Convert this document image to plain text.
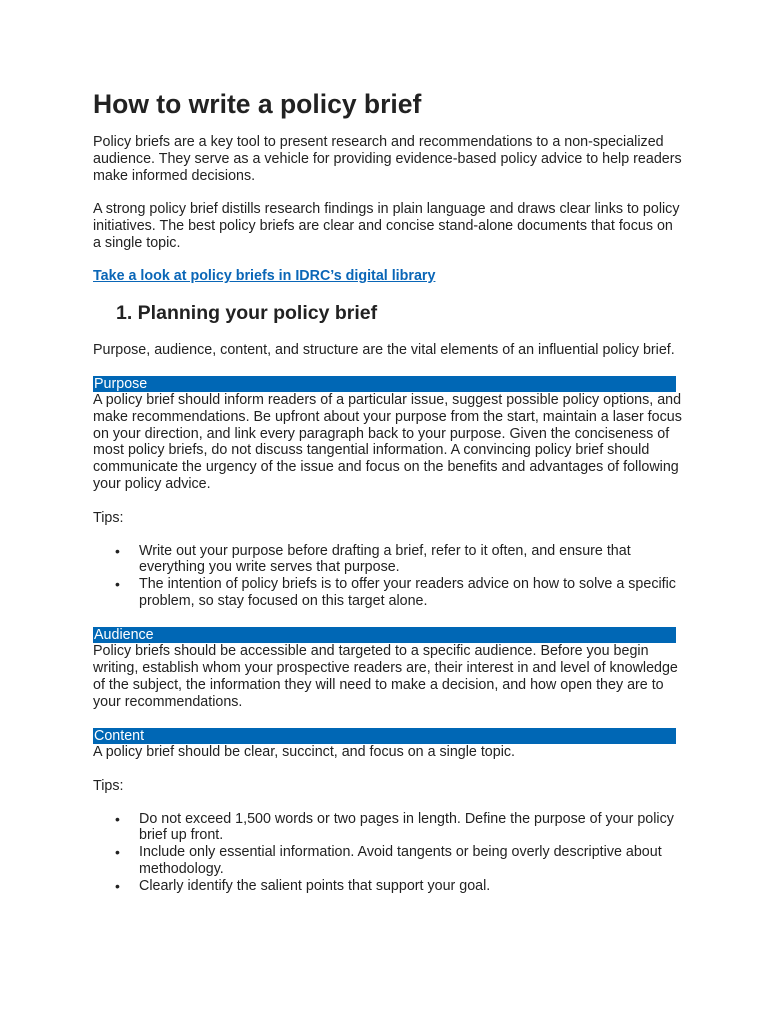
How to write a policy brief

Policy briefs are a key tool to present research and recommendations to a non-specialized audience. They serve as a vehicle for providing evidence-based policy advice to help readers make informed decisions.

A strong policy brief distills research findings in plain language and draws clear links to policy initiatives. The best policy briefs are clear and concise stand-alone documents that focus on a single topic.

Take a look at policy briefs in IDRC’s digital library
1. Planning your policy brief

Purpose, audience, content, and structure are the vital elements of an influential policy brief.

Purpose

A policy brief should inform readers of a particular issue, suggest possible policy options, and make recommendations. Be upfront about your purpose from the start, maintain a laser focus on your direction, and link every paragraph back to your purpose. Given the conciseness of most policy briefs, do not discuss tangential information. A convincing policy brief should communicate the urgency of the issue and focus on the benefits and advantages of following your policy advice.

Tips:

• Write out your purpose before drafting a brief, refer to it often, and ensure that everything you write serves that purpose.
• The intention of policy briefs is to offer your readers advice on how to solve a specific problem, so stay focused on this target alone.
Audience

Policy briefs should be accessible and targeted to a specific audience. Before you begin writing, establish whom your prospective readers are, their interest in and level of knowledge of the subject, the information they will need to make a decision, and how open they are to your recommendations.

Content

A policy brief should be clear, succinct, and focus on a single topic.

Tips:

• Do not exceed 1,500 words or two pages in length. Define the purpose of your policy brief up front.
• Include only essential information. Avoid tangents or being overly descriptive about methodology.
• Clearly identify the salient points that support your goal.
